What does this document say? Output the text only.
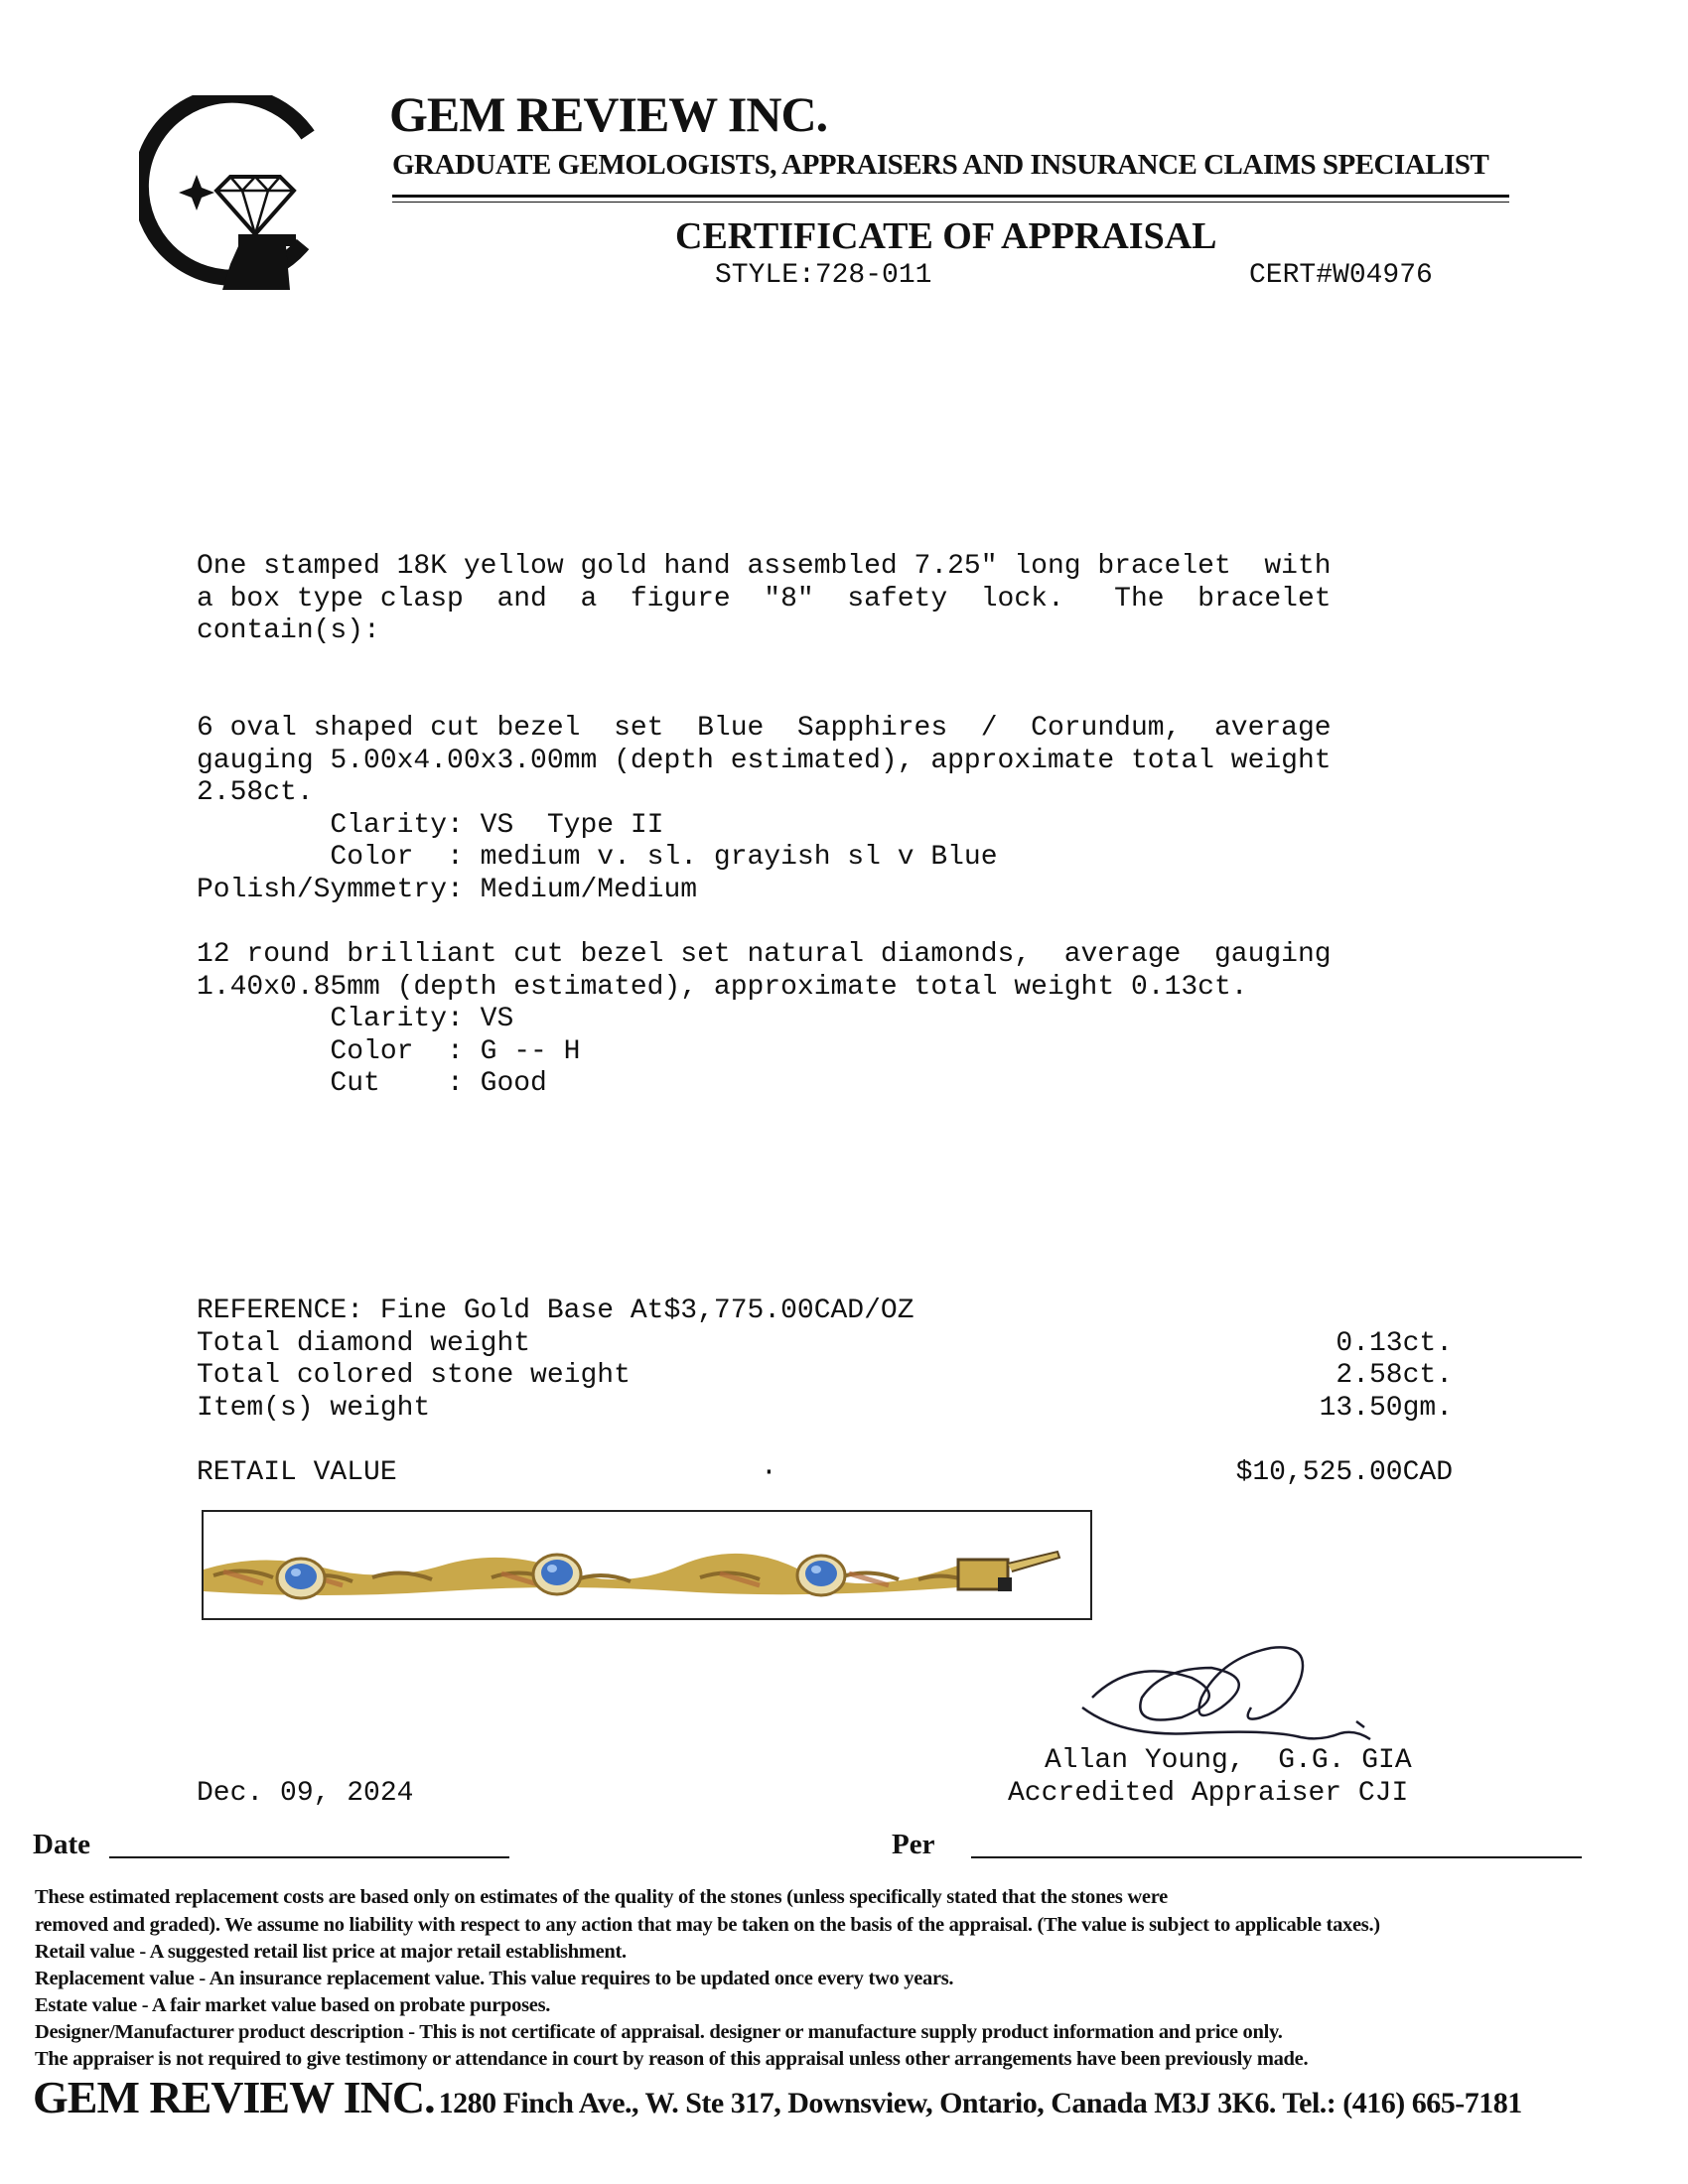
GEM REVIEW INC.
GRADUATE GEMOLOGISTS, APPRAISERS AND INSURANCE CLAIMS SPECIALIST
CERTIFICATE OF APPRAISAL
STYLE:728-011	CERT#W04976
One stamped 18K yellow gold hand assembled 7.25" long bracelet  with
a box type clasp  and  a  figure  "8"  safety  lock.   The  bracelet
contain(s):
6 oval shaped cut bezel  set  Blue  Sapphires  /  Corundum,  average
gauging 5.00x4.00x3.00mm (depth estimated), approximate total weight
2.58ct.
Clarity: VS  Type II
Color  : medium v. sl. grayish sl v Blue
Polish/Symmetry: Medium/Medium
12 round brilliant cut bezel set natural diamonds,  average  gauging
1.40x0.85mm (depth estimated), approximate total weight 0.13ct.
Clarity: VS
Color  : G -- H
Cut    : Good
REFERENCE: Fine Gold Base At$3,775.00CAD/OZ
Total diamond weight	0.13ct.
Total colored stone weight	2.58ct.
Item(s) weight	13.50gm.
RETAIL VALUE	·	$10,525.00CAD
Allan Young,  G.G. GIA
Accredited Appraiser CJI
Dec. 09, 2024
Date	Per
These estimated replacement costs are based only on estimates of the quality of the stones (unless specifically stated that the stones were
removed and graded). We assume no liability with respect to any action that may be taken on the basis of the appraisal. (The value is subject to applicable taxes.)
Retail value - A suggested retail list price at major retail establishment.
Replacement value - An insurance replacement value. This value requires to be updated once every two years.
Estate value - A fair market value based on probate purposes.
Designer/Manufacturer product description - This is not certificate of appraisal. designer or manufacture supply product information and price only.
The appraiser is not required to give testimony or attendance in court by reason of this appraisal unless other arrangements have been previously made.
GEM REVIEW INC. 1280 Finch Ave., W. Ste 317, Downsview, Ontario, Canada M3J 3K6. Tel.: (416) 665-7181
